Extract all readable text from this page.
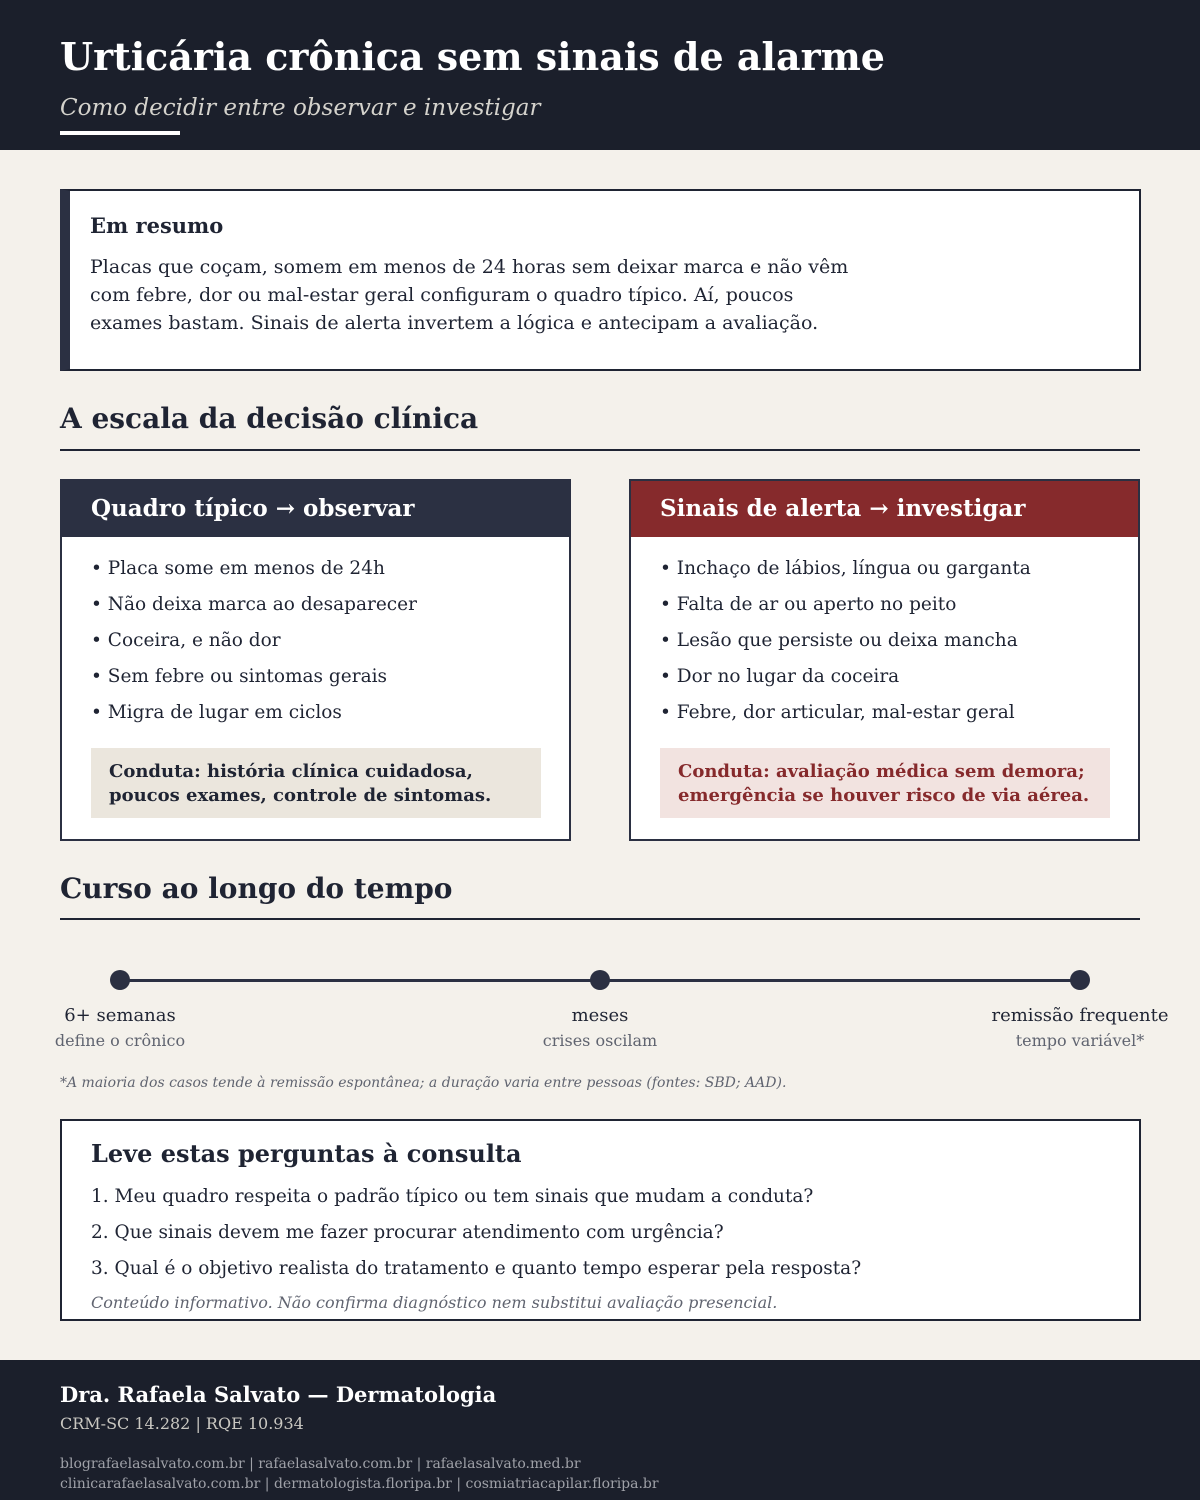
Urticária crônica sem sinais de alarme
Como decidir entre observar e investigar
Em resumo
Placas que coçam, somem em menos de 24 horas sem deixar marca e não vêm
com febre, dor ou mal-estar geral configuram o quadro típico. Aí, poucos
exames bastam. Sinais de alerta invertem a lógica e antecipam a avaliação.
A escala da decisão clínica
Quadro típico → observar
• Placa some em menos de 24h
• Não deixa marca ao desaparecer
• Coceira, e não dor
• Sem febre ou sintomas gerais
• Migra de lugar em ciclos
Conduta: história clínica cuidadosa,
poucos exames, controle de sintomas.
Sinais de alerta → investigar
• Inchaço de lábios, língua ou garganta
• Falta de ar ou aperto no peito
• Lesão que persiste ou deixa mancha
• Dor no lugar da coceira
• Febre, dor articular, mal-estar geral
Conduta: avaliação médica sem demora;
emergência se houver risco de via aérea.
Curso ao longo do tempo
6+ semanas
define o crônico
meses
crises oscilam
remissão frequente
tempo variável*
*A maioria dos casos tende à remissão espontânea; a duração varia entre pessoas (fontes: SBD; AAD).
Leve estas perguntas à consulta
1. Meu quadro respeita o padrão típico ou tem sinais que mudam a conduta?
2. Que sinais devem me fazer procurar atendimento com urgência?
3. Qual é o objetivo realista do tratamento e quanto tempo esperar pela resposta?
Conteúdo informativo. Não confirma diagnóstico nem substitui avaliação presencial.
Dra. Rafaela Salvato — Dermatologia
CRM-SC 14.282 | RQE 10.934
blografaelasalvato.com.br | rafaelasalvato.com.br | rafaelasalvato.med.br
clinicarafaelasalvato.com.br | dermatologista.floripa.br | cosmiatriacapilar.floripa.br
